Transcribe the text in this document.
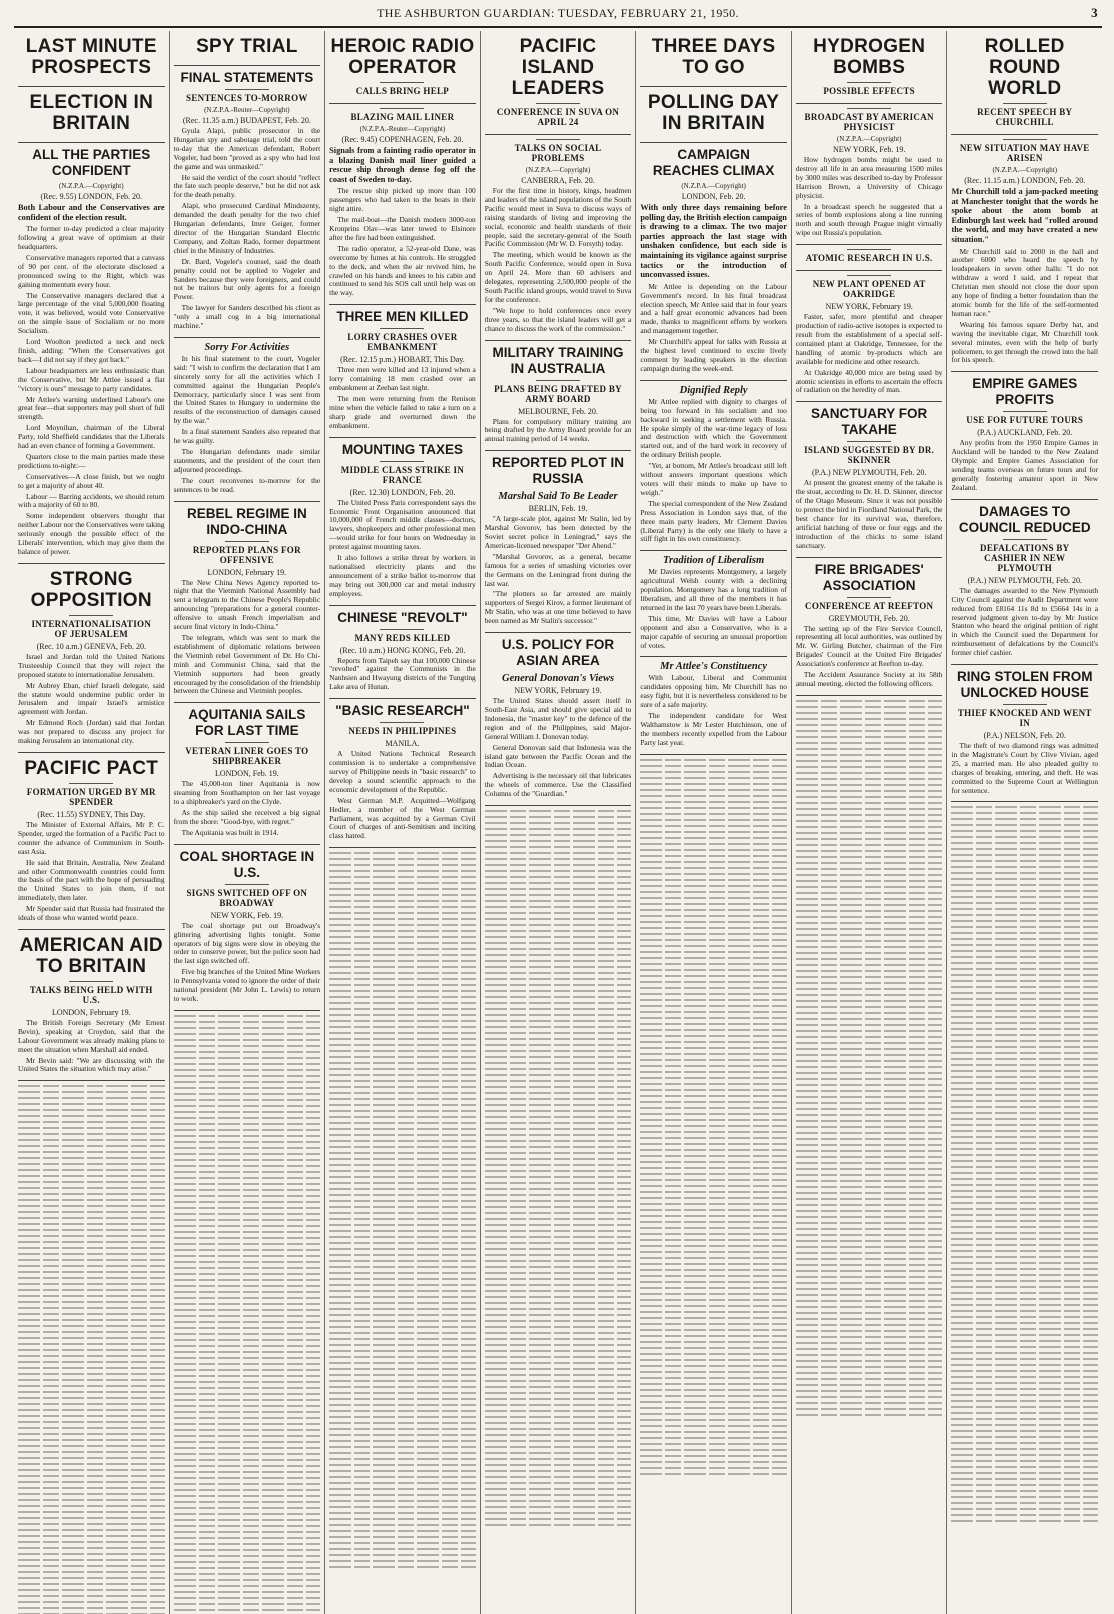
THE ASHBURTON GUARDIAN: TUESDAY, FEBRUARY 21, 1950.	3
LAST MINUTE PROSPECTS
ELECTION IN BRITAIN
ALL THE PARTIES CONFIDENT
(N.Z.P.A.—Copyright)
(Rec. 9.55) LONDON, Feb. 20.
Both Labour and the Conservatives are confident of the election result.
The former to-day predicted a clear majority following a great wave of optimism at their headquarters.
Conservative managers reported that a canvass of 90 per cent. of the electorate disclosed a pronounced swing to the Right, which was gaining momentum every hour.
The Conservative managers declared that a large percentage of the vital 5,000,000 floating vote, it was believed, would vote Conservative on the simple issue of Socialism or no more Socialism.
Lord Woolton predicted a neck and neck finish, adding: "When the Conservatives got back—I did not say if they got back."
Labour headquarters are less enthusiastic than the Conservative, but Mr Attlee issued a flat "victory is ours" message to party candidates.
Mr Attlee's warning underlined Labour's one great fear—that supporters may poll short of full strength.
Lord Moynihan, chairman of the Liberal Party, told Sheffield candidates that the Liberals had an even chance of forming a Government.
Quarters close to the main parties made these predictions to-night:—
Conservatives—A close finish, but we ought to get a majority of about 40.
Labour — Barring accidents, we should return with a majority of 60 to 80.
Some independent observers thought that neither Labour nor the Conservatives were taking seriously enough the possible effect of the Liberals' intervention, which may give them the balance of power.
STRONG OPPOSITION
INTERNATIONALISATION OF JERUSALEM
(Rec. 10 a.m.) GENEVA, Feb. 20.
Israel and Jordan told the United Nations Trusteeship Council that they will reject the proposed statute to internationalise Jerusalem.
Mr Aubrey Eban, chief Israeli delegate, said the statute would undermine public order in Jerusalem and impair Israel's armistice agreement with Jordan.
Mr Edmond Roch (Jordan) said that Jordan was not prepared to discuss any project for making Jerusalem an international city.
PACIFIC PACT
FORMATION URGED BY MR SPENDER
(Rec. 11.55) SYDNEY, This Day.
The Minister of External Affairs, Mr P. C. Spender, urged the formation of a Pacific Pact to counter the advance of Communism in South-east Asia.
He said that Britain, Australia, New Zealand and other Commonwealth countries could form the basis of the pact with the hope of persuading the United States to join them, if not immediately, then later.
Mr Spender said that Russia had frustrated the ideals of those who wanted world peace.
AMERICAN AID TO BRITAIN
TALKS BEING HELD WITH U.S.
LONDON, February 19.
The British Foreign Secretary (Mr Ernest Bevin), speaking at Croydon, said that the Labour Government was already making plans to meet the situation when Marshall aid ended.
Mr Bevin said: "We are discussing with the United States the situation which may arise."
SPY TRIAL
FINAL STATEMENTS
SENTENCES TO-MORROW
(N.Z.P.A.-Reuter—Copyright)
(Rec. 11.35 a.m.) BUDAPEST, Feb. 20.
Gyula Alapi, public prosecutor in the Hungarian spy and sabotage trial, told the court to-day that the American defendant, Robert Vogeler, had been "proved as a spy who had lost the game and was unmasked."
He said the verdict of the court should "reflect the fate such people deserve," but he did not ask for the death penalty.
Alapi, who prosecuted Cardinal Mindszenty, demanded the death penalty for the two chief Hungarian defendants, Imre Geiger, former director of the Hungarian Standard Electric Company, and Zoltan Rado, former department chief in the Ministry of Industries.
Dr. Bard, Vogeler's counsel, said the death penalty could not be applied to Vogeler and Sanders because they were foreigners, and could not be traitors but only agents for a foreign Power.
The lawyer for Sanders described his client as "only a small cog in a big international machine."
Sorry For Activities
In his final statement to the court, Vogeler said: "I wish to confirm the declaration that I am sincerely sorry for all the activities which I committed against the Hungarian People's Democracy, particularly since I was sent from the United States to Hungary to undermine the results of the reconstruction of damages caused by the war."
In a final statement Sanders also repeated that he was guilty.
The Hungarian defendants made similar statements, and the president of the court then adjourned proceedings.
The court reconvenes to-morrow for the sentences to be read.
REBEL REGIME IN INDO-CHINA
REPORTED PLANS FOR OFFENSIVE
LONDON, February 19.
The New China News Agency reported to-night that the Vietminh National Assembly had sent a telegram to the Chinese People's Republic announcing "preparations for a general counter-offensive to smash French imperialism and secure final victory in Indo-China."
The telegram, which was sent to mark the establishment of diplomatic relations between the Vietminh rebel Government of Dr. Ho Chi-minh and Communist China, said that the Vietminh supporters had been greatly encouraged by the consolidation of the friendship between the Chinese and Vietminh peoples.
AQUITANIA SAILS FOR LAST TIME
VETERAN LINER GOES TO SHIPBREAKER
LONDON, Feb. 19.
The 45,000-ton liner Aquitania is now steaming from Southampton on her last voyage to a shipbreaker's yard on the Clyde.
As the ship sailed she received a big signal from the shore: "Good-bye, with regret."
The Aquitania was built in 1914.
COAL SHORTAGE IN U.S.
SIGNS SWITCHED OFF ON BROADWAY
NEW YORK, Feb. 19.
The coal shortage put out Broadway's glittering advertising lights tonight. Some operators of big signs were slow in obeying the order to conserve power, but the police soon had the last sign switched off.
Five big branches of the United Mine Workers in Pennsylvania voted to ignore the order of their national president (Mr John L. Lewis) to return to work.
HEROIC RADIO OPERATOR
CALLS BRING HELP
BLAZING MAIL LINER
(N.Z.P.A.-Reuter—Copyright)
(Rec. 9.45) COPENHAGEN, Feb. 20.
Signals from a fainting radio operator in a blazing Danish mail liner guided a rescue ship through dense fog off the coast of Sweden to-day.
The rescue ship picked up more than 100 passengers who had taken to the boats in their night attire.
The mail-boat—the Danish modern 3000-ton Kronprins Olav—was later towed to Elsinore after the fire had been extinguished.
The radio operator, a 52-year-old Dane, was overcome by fumes at his controls. He struggled to the deck, and when the air revived him, he crawled on his hands and knees to his cabin and continued to send his SOS call until help was on the way.
THREE MEN KILLED
LORRY CRASHES OVER EMBANKMENT
(Rec. 12.15 p.m.) HOBART, This Day.
Three men were killed and 13 injured when a lorry containing 18 men crashed over an embankment at Zeehan last night.
The men were returning from the Renison mine when the vehicle failed to take a turn on a sharp grade and overturned down the embankment.
MOUNTING TAXES
MIDDLE CLASS STRIKE IN FRANCE
(Rec. 12.30) LONDON, Feb. 20.
The United Press Paris correspondent says the Economic Front Organisation announced that 10,000,000 of French middle classes—doctors, lawyers, shopkeepers and other professional men—would strike for four hours on Wednesday in protest against mounting taxes.
It also follows a strike threat by workers in nationalised electricity plants and the announcement of a strike ballot to-morrow that may bring out 300,000 car and metal industry employees.
CHINESE "REVOLT"
MANY REDS KILLED
(Rec. 10 a.m.) HONG KONG, Feb. 20.
Reports from Taipeh say that 100,000 Chinese "revolted" against the Communists in the Nanhsien and Hwayung districts of the Tungting Lake area of Hunan.
"BASIC RESEARCH"
NEEDS IN PHILIPPINES
MANILA.
A United Nations Technical Research commission is to undertake a comprehensive survey of Philippine needs in "basic research" to develop a sound scientific approach to the economic development of the Republic.
West German M.P. Acquitted—Wolfgang Hedler, a member of the West German Parliament, was acquitted by a German Civil Court of charges of anti-Semitism and inciting class hatred.
PACIFIC ISLAND LEADERS
CONFERENCE IN SUVA ON APRIL 24
TALKS ON SOCIAL PROBLEMS
(N.Z.P.A.—Copyright)
CANBERRA, Feb. 20.
For the first time in history, kings, headmen and leaders of the island populations of the South Pacific would meet in Suva to discuss ways of raising standards of living and improving the social, economic and health standards of their people, said the secretary-general of the South Pacific Commission (Mr W. D. Forsyth) today.
The meeting, which would be known as the South Pacific Conference, would open in Suva on April 24. More than 60 advisers and delegates, representing 2,500,000 people of the South Pacific island groups, would travel to Suva for the conference.
"We hope to hold conferences once every three years, so that the island leaders will get a chance to discuss the work of the commission."
MILITARY TRAINING IN AUSTRALIA
PLANS BEING DRAFTED BY ARMY BOARD
MELBOURNE, Feb. 20.
Plans for compulsory military training are being drafted by the Army Board provide for an annual training period of 14 weeks.
REPORTED PLOT IN RUSSIA
Marshal Said To Be Leader
BERLIN, Feb. 19.
"A large-scale plot, against Mr Stalin, led by Marshal Govorov, has been detected by the Soviet secret police in Leningrad," says the American-licensed newspaper "Der Abend."
"Marshal Govorov, as a general, became famous for a series of smashing victories over the Germans on the Leningrad front during the last war.
"The plotters so far arrested are mainly supporters of Sergei Kirov, a former lieutenant of Mr Stalin, who was at one time believed to have been named as Mr Stalin's successor."
U.S. POLICY FOR ASIAN AREA
General Donovan's Views
NEW YORK, February 19.
The United States should assert itself in South-East Asia, and should give special aid to Indonesia, the "master key" to the defence of the region and of the Philippines, said Major-General William J. Donovan today.
General Donovan said that Indonesia was the island gate between the Pacific Ocean and the Indian Ocean.
Advertising is the necessary oil that lubricates the wheels of commerce. Use the Classified Columns of the "Guardian."
THREE DAYS TO GO
POLLING DAY IN BRITAIN
CAMPAIGN REACHES CLIMAX
(N.Z.P.A.—Copyright)
LONDON, Feb. 20.
With only three days remaining before polling day, the British election campaign is drawing to a climax. The two major parties approach the last stage with unshaken confidence, but each side is maintaining its vigilance against surprise tactics or the introduction of unconvassed issues.
Mr Attlee is depending on the Labour Government's record. In his final broadcast election speech, Mr Attlee said that in four years and a half great economic advances had been made, thanks to magnificent efforts by workers and management together.
Mr Churchill's appeal for talks with Russia at the highest level continued to excite lively comment by leading speakers in the election campaign during the week-end.
Dignified Reply
Mr Attlee replied with dignity to charges of being too forward in his socialism and too backward in seeking a settlement with Russia. He spoke simply of the war-time legacy of loss and destruction with which the Government started out, and of the hard work in recovery of the ordinary British people.
"Yet, at bottom, Mr Attlee's broadcast still left without answers important questions which voters will their minds to make up have to weigh."
The special correspondent of the New Zealand Press Association in London says that, of the three main party leaders, Mr Clement Davies (Liberal Party) is the only one likely to have a stiff fight in his own constituency.
Tradition of Liberalism
Mr Davies represents Montgomery, a largely agricultural Welsh county with a declining population. Montgomery has a long tradition of liberalism, and all three of the members it has returned in the last 70 years have been Liberals.
This time, Mr Davies will have a Labour opponent and also a Conservative, who is a major capable of securing an unusual proportion of votes.
Mr Attlee's Constituency
With Labour, Liberal and Communist candidates opposing him, Mr Churchill has no easy fight, but it is nevertheless considered to be sure of a safe majority.
The independent candidate for West Walthamstow is Mr Lester Hutchinson, one of the members recently expelled from the Labour Party last year.
HYDROGEN BOMBS
POSSIBLE EFFECTS
BROADCAST BY AMERICAN PHYSICIST
(N.Z.P.A.—Copyright)
NEW YORK, Feb. 19.
How hydrogen bombs might be used to destroy all life in an area measuring 1500 miles by 3000 miles was described to-day by Professor Harrison Brown, a University of Chicago physicist.
In a broadcast speech he suggested that a series of bomb explosions along a line running north and south through Prague might virtually wipe out Russia's population.
ATOMIC RESEARCH IN U.S.
NEW PLANT OPENED AT OAKRIDGE
NEW YORK, February 19.
Faster, safer, more plentiful and cheaper production of radio-active isotopes is expected to result from the establishment of a special self-contained plant at Oakridge, Tennessee, for the handling of atomic by-products which are available for medicine and other research.
At Oakridge 40,000 mice are being used by atomic scientists in efforts to ascertain the effects of radiation on the heredity of man.
SANCTUARY FOR TAKAHE
ISLAND SUGGESTED BY DR. SKINNER
(P.A.) NEW PLYMOUTH, Feb. 20.
At present the greatest enemy of the takahe is the stoat, according to Dr. H. D. Skinner, director of the Otago Museum. Since it was not possible to protect the bird in Fiordland National Park, the best chance for its survival was, therefore, artificial hatching of three or four eggs and the introduction of the chicks to some island sanctuary.
FIRE BRIGADES' ASSOCIATION
CONFERENCE AT REEFTON
GREYMOUTH, Feb. 20.
The setting up of the Fire Service Council, representing all local authorities, was outlined by Mr. W. Girling Butcher, chairman of the Fire Brigades' Council at the United Fire Brigades' Association's conference at Reefton to-day.
The Accident Assurance Society at its 58th annual meeting, elected the following officers.
ROLLED ROUND WORLD
RECENT SPEECH BY CHURCHILL
NEW SITUATION MAY HAVE ARISEN
(N.Z.P.A.—Copyright)
(Rec. 11.15 a.m.) LONDON, Feb. 20.
Mr Churchill told a jam-packed meeting at Manchester tonight that the words he spoke about the atom bomb at Edinburgh last week had "rolled around the world, and may have created a new situation."
Mr Churchill said to 2000 in the hall and another 6000 who heard the speech by loudspeakers in seven other halls: "I do not withdraw a word I said, and I repeat that Christian men should not close the door upon any hope of finding a better foundation than the atomic bomb for the life of the self-tormented human race."
Wearing his famous square Derby hat, and waving the inevitable cigar, Mr Churchill took several minutes, even with the help of burly policemen, to get through the crowd into the hall for his speech.
EMPIRE GAMES PROFITS
USE FOR FUTURE TOURS
(P.A.) AUCKLAND, Feb. 20.
Any profits from the 1950 Empire Games in Auckland will be handed to the New Zealand Olympic and Empire Games Association for sending teams overseas on future tours and for generally fostering amateur sport in New Zealand.
DAMAGES TO COUNCIL REDUCED
DEFALCATIONS BY CASHIER IN NEW PLYMOUTH
(P.A.) NEW PLYMOUTH, Feb. 20.
The damages awarded to the New Plymouth City Council against the Audit Department were reduced from £8164 11s 8d to £5664 14s in a reserved judgment given to-day by Mr Justice Stanton who heard the original petition of right in which the Council sued the Department for reimbursement of defalcations by the Council's former chief cashier.
RING STOLEN FROM UNLOCKED HOUSE
THIEF KNOCKED AND WENT IN
(P.A.) NELSON, Feb. 20.
The theft of two diamond rings was admitted in the Magistrate's Court by Clive Vivian, aged 25, a married man. He also pleaded guilty to charges of breaking, entering, and theft. He was committed to the Supreme Court at Wellington for sentence.
